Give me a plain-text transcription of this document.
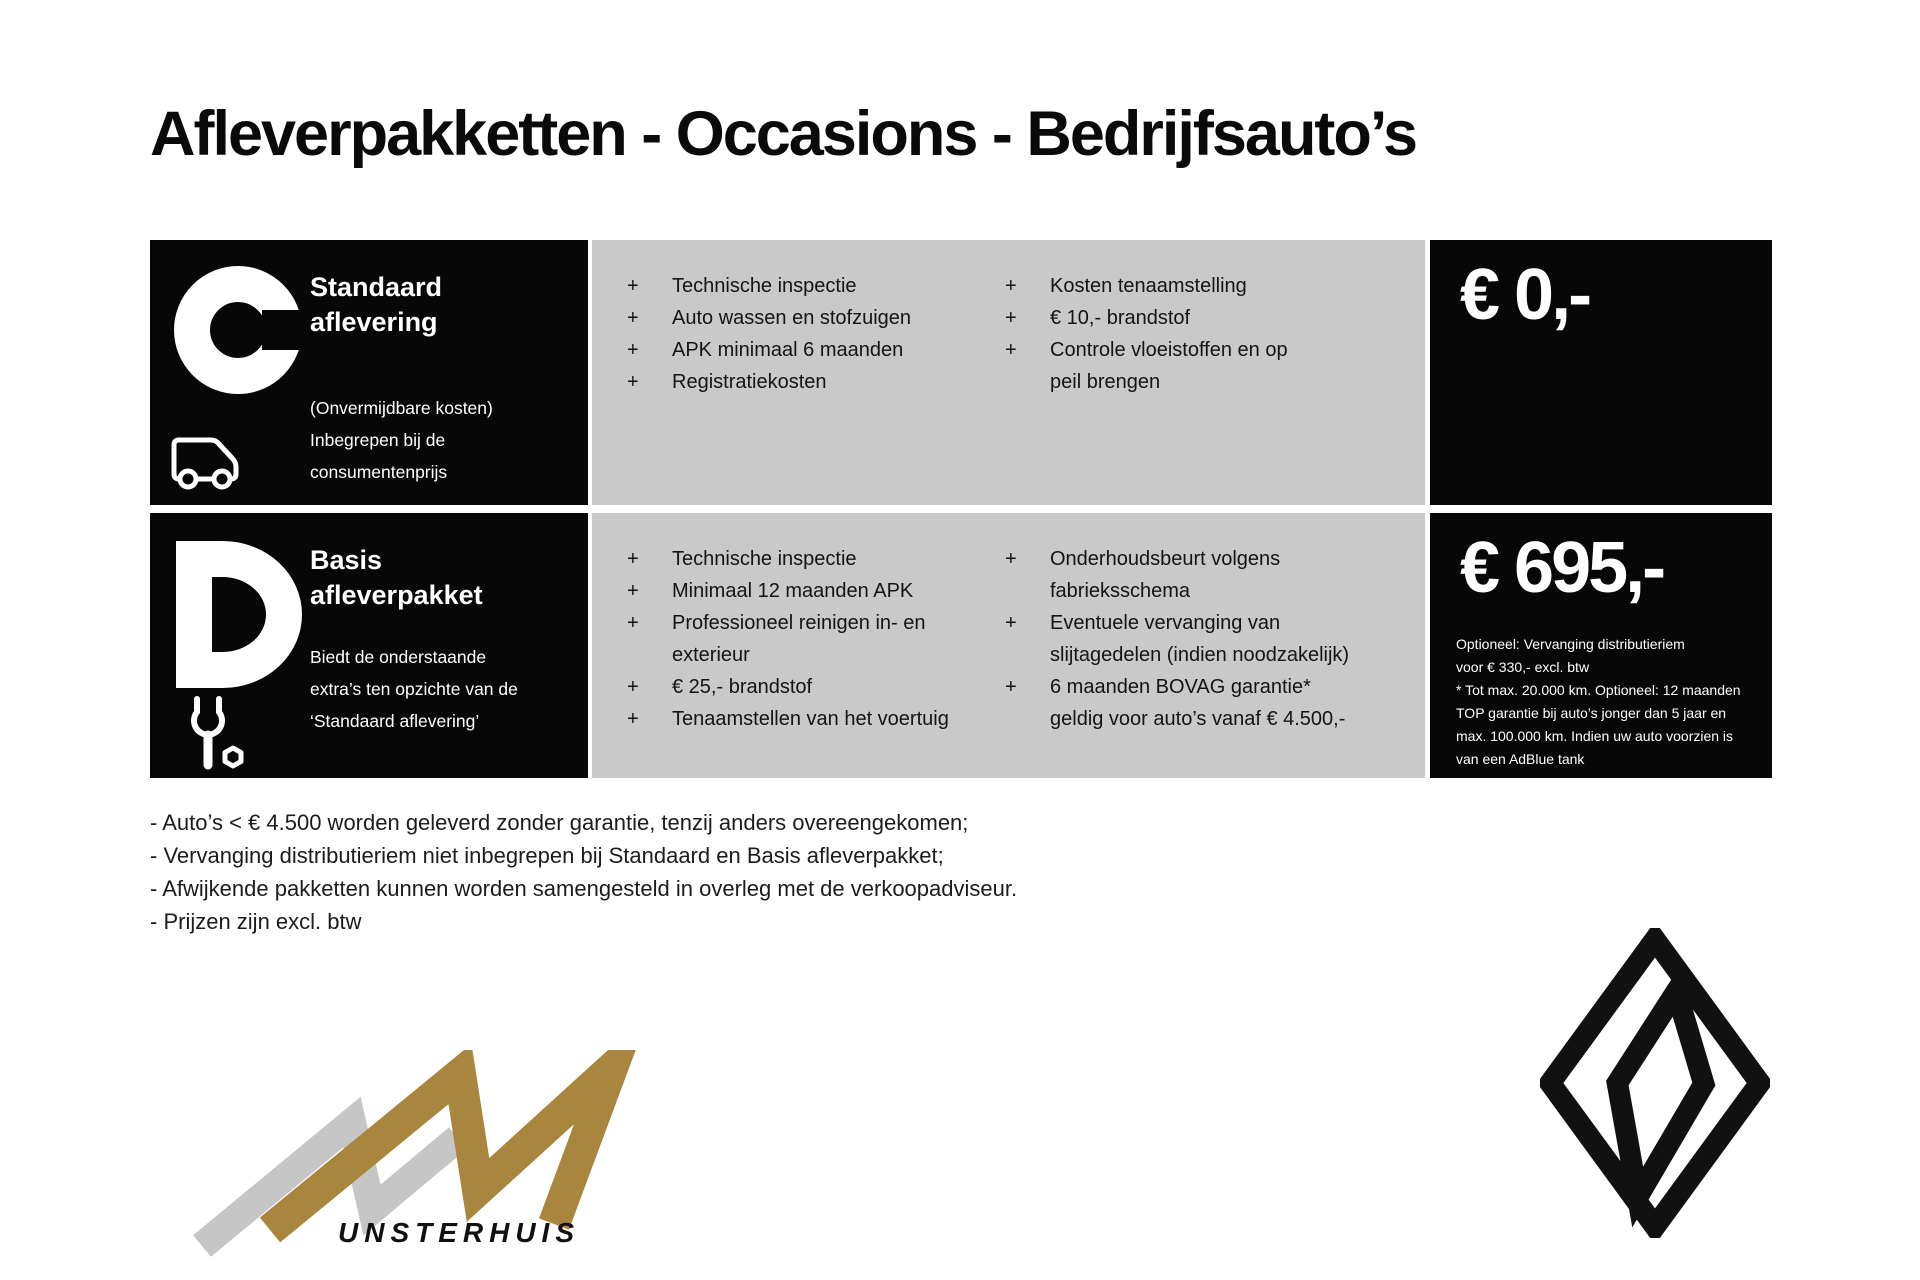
Afleverpakketten - Occasions - Bedrijfsauto’s
Standaard aflevering
(Onvermijdbare kosten)
Inbegrepen bij de
consumentenprijs
+	Technische inspectie
+	Auto wassen en stofzuigen
+	APK minimaal 6 maanden
+	Registratiekosten
+	Kosten tenaamstelling
+	€ 10,- brandstof
+	Controle vloeistoffen en op
peil brengen
€ 0,-
Basis afleverpakket
Biedt de onderstaande
extra’s ten opzichte van de
‘Standaard aflevering’
+	Technische inspectie
+	Minimaal 12 maanden APK
+	Professioneel reinigen in- en
exterieur
+	€ 25,- brandstof
+	Tenaamstellen van het voertuig
+	Onderhoudsbeurt volgens
fabrieksschema
+	Eventuele vervanging van
slijtagedelen (indien noodzakelijk)
+	6 maanden BOVAG garantie*
geldig voor auto’s vanaf € 4.500,-
€ 695,-
Optioneel: Vervanging distributieriem
voor € 330,- excl. btw
* Tot max. 20.000 km. Optioneel: 12 maanden
TOP garantie bij auto’s jonger dan 5 jaar en
max. 100.000 km. Indien uw auto voorzien is
van een AdBlue tank
- Auto’s < € 4.500 worden geleverd zonder garantie, tenzij anders overeengekomen;
- Vervanging distributieriem niet inbegrepen bij Standaard en Basis afleverpakket;
- Afwijkende pakketten kunnen worden samengesteld in overleg met de verkoopadviseur.
- Prijzen zijn excl. btw
UNSTERHUIS
